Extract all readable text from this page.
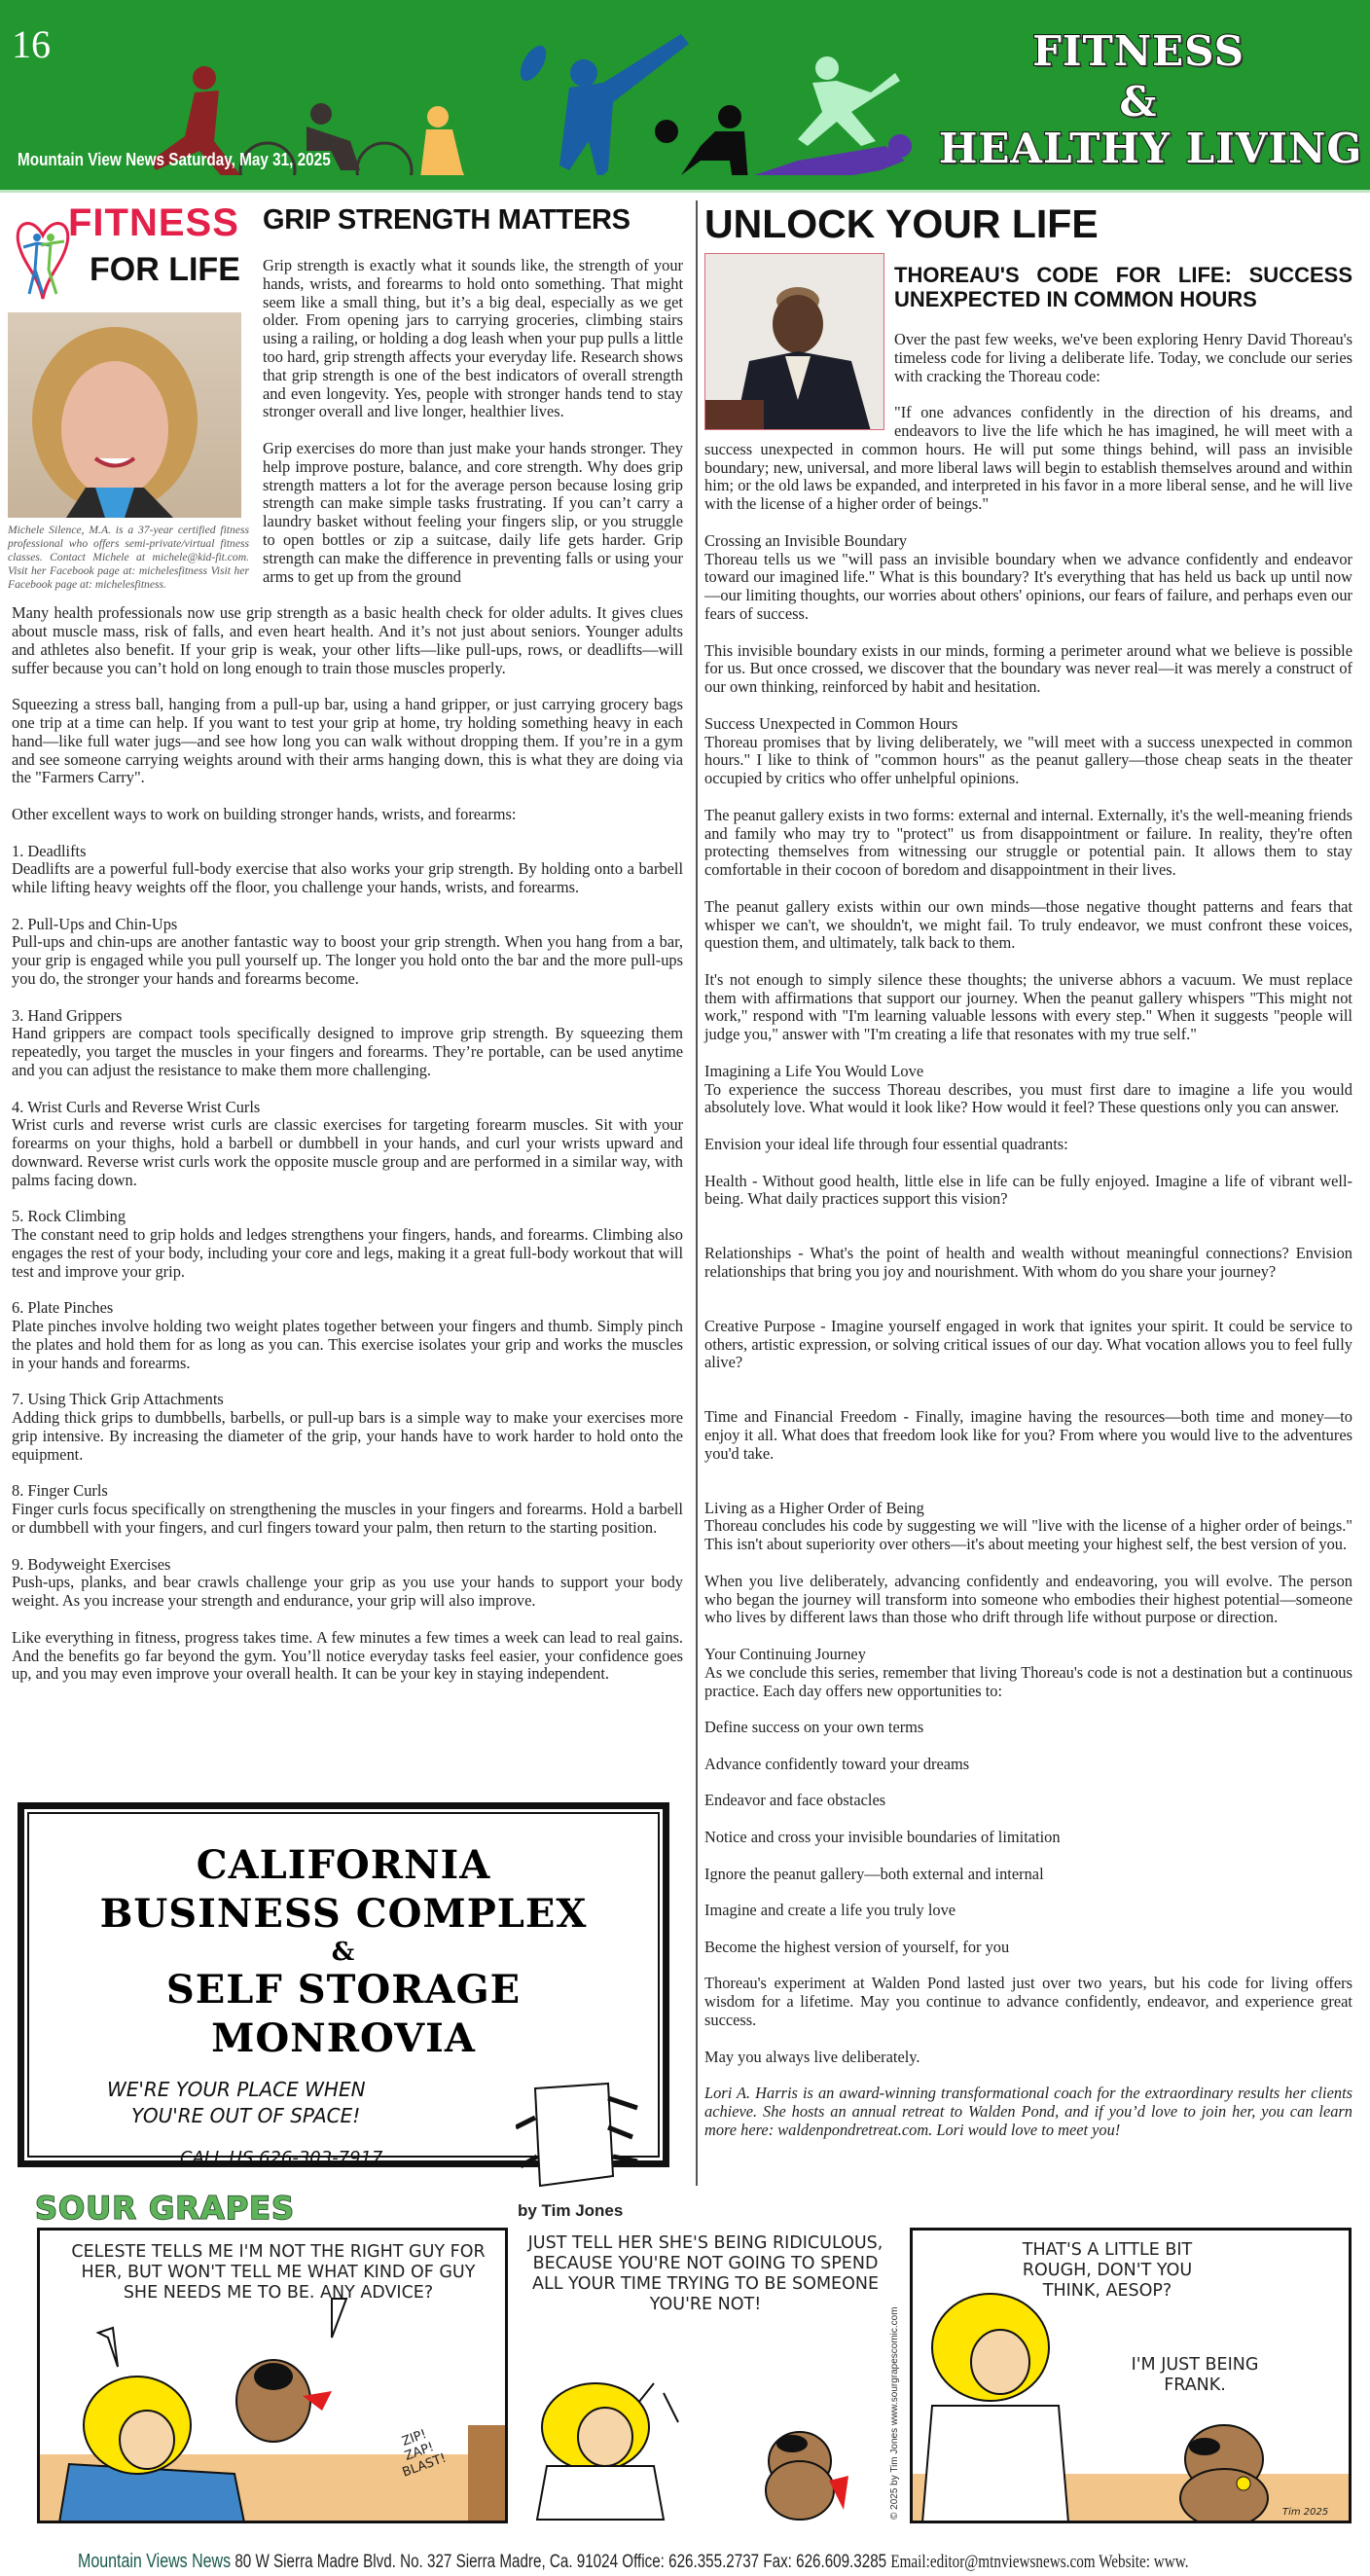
16
Mountain View News Saturday, May 31, 2025
FITNESS
&
HEALTHY LIVING
FITNESS
FOR LIFE
Michele Silence, M.A. is a 37-year certified fitness professional who offers semi-private/virtual fitness classes. Contact Michele at michele@kid-fit.com. Visit her Facebook page at: michelesfitness Visit her Facebook page at: michelesfitness.
GRIP STRENGTH MATTERS

Grip strength is exactly what it sounds like, the strength of your hands, wrists, and forearms to hold onto something. That might seem like a small thing, but it’s a big deal, especially as we get older. From opening jars to carrying groceries, climbing stairs using a railing, or holding a dog leash when your pup pulls a little too hard, grip strength affects your everyday life. Research shows that grip strength is one of the best indicators of overall strength and even longevity. Yes, people with stronger hands tend to stay stronger overall and live longer, healthier lives.

Grip exercises do more than just make your hands stronger. They help improve posture, balance, and core strength. Why does grip strength matters a lot for the average person because losing grip strength can make simple tasks frustrating. If you can’t carry a laundry basket without feeling your fingers slip, or you struggle to open bottles or zip a suitcase, daily life gets harder. Grip strength can make the difference in preventing falls or using your arms to get up from the ground

Many health professionals now use grip strength as a basic health check for older adults. It gives clues about muscle mass, risk of falls, and even heart health. And it’s not just about seniors. Younger adults and athletes also benefit. If your grip is weak, your other lifts—like pull-ups, rows, or deadlifts—will suffer because you can’t hold on long enough to train those muscles properly.

Squeezing a stress ball, hanging from a pull-up bar, using a hand gripper, or just carrying grocery bags one trip at a time can help. If you want to test your grip at home, try holding something heavy in each hand—like full water jugs—and see how long you can walk without dropping them. If you’re in a gym and see someone carrying weights around with their arms hanging down, this is what they are doing via the "Farmers Carry".

Other excellent ways to work on building stronger hands, wrists, and forearms:

1. Deadlifts
Deadlifts are a powerful full-body exercise that also works your grip strength. By holding onto a barbell while lifting heavy weights off the floor, you challenge your hands, wrists, and forearms.

2. Pull-Ups and Chin-Ups
Pull-ups and chin-ups are another fantastic way to boost your grip strength. When you hang from a bar, your grip is engaged while you pull yourself up. The longer you hold onto the bar and the more pull-ups you do, the stronger your hands and forearms become.

3. Hand Grippers
Hand grippers are compact tools specifically designed to improve grip strength. By squeezing them repeatedly, you target the muscles in your fingers and forearms. They’re portable, can be used anytime and you can adjust the resistance to make them more challenging.

4. Wrist Curls and Reverse Wrist Curls
Wrist curls and reverse wrist curls are classic exercises for targeting forearm muscles. Sit with your forearms on your thighs, hold a barbell or dumbbell in your hands, and curl your wrists upward and downward. Reverse wrist curls work the opposite muscle group and are performed in a similar way, with palms facing down.

5. Rock Climbing
The constant need to grip holds and ledges strengthens your fingers, hands, and forearms. Climbing also engages the rest of your body, including your core and legs, making it a great full-body workout that will test and improve your grip.

6. Plate Pinches
Plate pinches involve holding two weight plates together between your fingers and thumb. Simply pinch the plates and hold them for as long as you can. This exercise isolates your grip and works the muscles in your hands and forearms.

7. Using Thick Grip Attachments
Adding thick grips to dumbbells, barbells, or pull-up bars is a simple way to make your exercises more grip intensive. By increasing the diameter of the grip, your hands have to work harder to hold onto the equipment.

8. Finger Curls
Finger curls focus specifically on strengthening the muscles in your fingers and forearms. Hold a barbell or dumbbell with your fingers, and curl fingers toward your palm, then return to the starting position.

9. Bodyweight Exercises
Push-ups, planks, and bear crawls challenge your grip as you use your hands to support your body weight. As you increase your strength and endurance, your grip will also improve.

Like everything in fitness, progress takes time. A few minutes a few times a week can lead to real gains. And the benefits go far beyond the gym. You’ll notice everyday tasks feel easier, your confidence goes up, and you may even improve your overall health. It can be your key in staying independent.

UNLOCK YOUR LIFE
THOREAU'S CODE FOR LIFE: SUCCESS UNEXPECTED IN COMMON HOURS

Over the past few weeks, we've been exploring Henry David Thoreau's timeless code for living a deliberate life. Today, we conclude our series with cracking the Thoreau code:

"If one advances confidently in the direction of his dreams, and endeavors to live the life which he has imagined, he will meet with a success unexpected in common hours. He will put some things behind, will pass an invisible boundary; new, universal, and more liberal laws will begin to establish themselves around and within him; or the old laws be expanded, and interpreted in his favor in a more liberal sense, and he will live with the license of a higher order of beings."

Crossing an Invisible Boundary
Thoreau tells us we "will pass an invisible boundary when we advance confidently and endeavor toward our imagined life." What is this boundary? It's everything that has held us back up until now—our limiting thoughts, our worries about others' opinions, our fears of failure, and perhaps even our fears of success.

This invisible boundary exists in our minds, forming a perimeter around what we believe is possible for us. But once crossed, we discover that the boundary was never real—it was merely a construct of our own thinking, reinforced by habit and hesitation.

Success Unexpected in Common Hours
Thoreau promises that by living deliberately, we "will meet with a success unexpected in common hours." I like to think of "common hours" as the peanut gallery—those cheap seats in the theater occupied by critics who offer unhelpful opinions.

The peanut gallery exists in two forms: external and internal. Externally, it's the well-meaning friends and family who may try to "protect" us from disappointment or failure. In reality, they're often protecting themselves from witnessing our struggle or potential pain. It allows them to stay comfortable in their cocoon of boredom and disappointment in their lives.

The peanut gallery exists within our own minds—those negative thought patterns and fears that whisper we can't, we shouldn't, we might fail. To truly endeavor, we must confront these voices, question them, and ultimately, talk back to them.

It's not enough to simply silence these thoughts; the universe abhors a vacuum. We must replace them with affirmations that support our journey. When the peanut gallery whispers "This might not work," respond with "I'm learning valuable lessons with every step." When it suggests "people will judge you," answer with "I'm creating a life that resonates with my true self."

Imagining a Life You Would Love
To experience the success Thoreau describes, you must first dare to imagine a life you would absolutely love. What would it look like? How would it feel? These questions only you can answer.

Envision your ideal life through four essential quadrants:

Health - Without good health, little else in life can be fully enjoyed. Imagine a life of vibrant well-being. What daily practices support this vision?

Relationships - What's the point of health and wealth without meaningful connections? Envision relationships that bring you joy and nourishment. With whom do you share your journey?

Creative Purpose - Imagine yourself engaged in work that ignites your spirit. It could be service to others, artistic expression, or solving critical issues of our day. What vocation allows you to feel fully alive?

Time and Financial Freedom - Finally, imagine having the resources—both time and money—to enjoy it all. What does that freedom look like for you? From where you would live to the adventures you'd take.

Living as a Higher Order of Being
Thoreau concludes his code by suggesting we will "live with the license of a higher order of beings." This isn't about superiority over others—it's about meeting your highest self, the best version of you.

When you live deliberately, advancing confidently and endeavoring, you will evolve. The person who began the journey will transform into someone who embodies their highest potential—someone who lives by different laws than those who drift through life without purpose or direction.

Your Continuing Journey
As we conclude this series, remember that living Thoreau's code is not a destination but a continuous practice. Each day offers new opportunities to:

Define success on your own terms

Advance confidently toward your dreams

Endeavor and face obstacles

Notice and cross your invisible boundaries of limitation

Ignore the peanut gallery—both external and internal

Imagine and create a life you truly love

Become the highest version of yourself, for you

Thoreau's experiment at Walden Pond lasted just over two years, but his code for living offers wisdom for a lifetime. May you continue to advance confidently, endeavor, and experience great success.

May you always live deliberately.

Lori A. Harris is an award-winning transformational coach for the extraordinary results her clients achieve. She hosts an annual retreat to Walden Pond, and if you’d love to join her, you can learn more here: waldenpondretreat.com. Lori would love to meet you!

CALIFORNIA
BUSINESS COMPLEX
&
SELF STORAGE
MONROVIA
WE'RE YOUR PLACE WHEN
YOU'RE OUT OF SPACE!
CALL US 626-303-7917
SOUR GRAPES	by Tim Jones
CELESTE TELLS ME I'M NOT THE RIGHT GUY FOR HER, BUT WON'T TELL ME WHAT KIND OF GUY SHE NEEDS ME TO BE. ANY ADVICE?
ZIP! ZAP! BLAST!
JUST TELL HER SHE'S BEING RIDICULOUS, BECAUSE YOU'RE NOT GOING TO SPEND ALL YOUR TIME TRYING TO BE SOMEONE YOU'RE NOT!
© 2025 by Tim Jones www.sourgrapescomic.com
THAT'S A LITTLE BIT ROUGH, DON'T YOU THINK, AESOP?
I'M JUST BEING FRANK.
Tim 2025
Mountain Views News 80 W Sierra Madre Blvd. No. 327 Sierra Madre, Ca. 91024 Office: 626.355.2737 Fax: 626.609.3285 Email:editor@mtnviewsnews.com Website: www.
